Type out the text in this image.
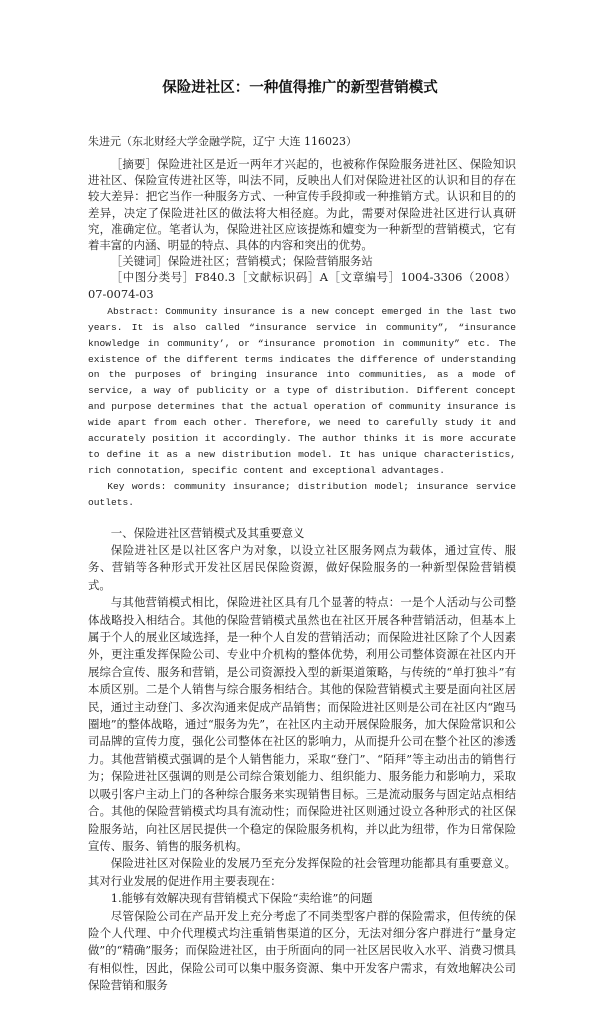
保险进社区：一种值得推广的新型营销模式
朱进元（东北财经大学金融学院，辽宁 大连 116023）

［摘要］保险进社区是近一两年才兴起的，也被称作保险服务进社区、保险知识进社区、保险宣传进社区等，叫法不同，反映出人们对保险进社区的认识和目的存在较大差异：把它当作一种服务方式、一种宣传手段抑或一种推销方式。认识和目的的差异，决定了保险进社区的做法将大相径庭。为此，需要对保险进社区进行认真研究，准确定位。笔者认为，保险进社区应该提炼和嬗变为一种新型的营销模式，它有着丰富的内涵、明显的特点、具体的内容和突出的优势。

［关键词］保险进社区；营销模式；保险营销服务站

［中图分类号］F840.3［文献标识码］A［文章编号］1004-3306（2008）07-0074-03

Abstract: Community insurance is a new concept emerged in the last two years. It is also called “insurance service in community”, “insurance knowledge in community’, or “insurance promotion in community” etc. The existence of the different terms indicates the difference of understanding on the purposes of bringing insurance into communities, as a mode of service, a way of publicity or a type of distribution. Different concept and purpose determines that the actual operation of community insurance is wide apart from each other. Therefore, we need to carefully study it and accurately position it accordingly. The author thinks it is more accurate to define it as a new distribution model. It has unique characteristics, rich connotation, specific content and exceptional advantages.

Key words: community insurance; distribution model; insurance service outlets.

一、保险进社区营销模式及其重要意义

保险进社区是以社区客户为对象，以设立社区服务网点为载体，通过宣传、服务、营销等各种形式开发社区居民保险资源，做好保险服务的一种新型保险营销模式。

与其他营销模式相比，保险进社区具有几个显著的特点：一是个人活动与公司整体战略投入相结合。其他的保险营销模式虽然也在社区开展各种营销活动，但基本上属于个人的展业区域选择，是一种个人自发的营销活动；而保险进社区除了个人因素外，更注重发挥保险公司、专业中介机构的整体优势，利用公司整体资源在社区内开展综合宣传、服务和营销，是公司资源投入型的新渠道策略，与传统的“单打独斗”有本质区别。二是个人销售与综合服务相结合。其他的保险营销模式主要是面向社区居民，通过主动登门、多次沟通来促成产品销售；而保险进社区则是公司在社区内“跑马圈地”的整体战略，通过“服务为先”，在社区内主动开展保险服务，加大保险常识和公司品牌的宣传力度，强化公司整体在社区的影响力，从而提升公司在整个社区的渗透力。其他营销模式强调的是个人销售能力，采取“登门”、“陌拜”等主动出击的销售行为；保险进社区强调的则是公司综合策划能力、组织能力、服务能力和影响力，采取以吸引客户主动上门的各种综合服务来实现销售目标。三是流动服务与固定站点相结合。其他的保险营销模式均具有流动性；而保险进社区则通过设立各种形式的社区保险服务站，向社区居民提供一个稳定的保险服务机构，并以此为纽带，作为日常保险宣传、服务、销售的服务机构。

保险进社区对保险业的发展乃至充分发挥保险的社会管理功能都具有重要意义。其对行业发展的促进作用主要表现在：

1.能够有效解决现有营销模式下保险“卖给谁”的问题

尽管保险公司在产品开发上充分考虑了不同类型客户群的保险需求，但传统的保险个人代理、中介代理模式均注重销售渠道的区分，无法对细分客户群进行“量身定做”的“精确”服务；而保险进社区，由于所面向的同一社区居民收入水平、消费习惯具有相似性，因此，保险公司可以集中服务资源、集中开发客户需求，有效地解决公司保险营销和服务
